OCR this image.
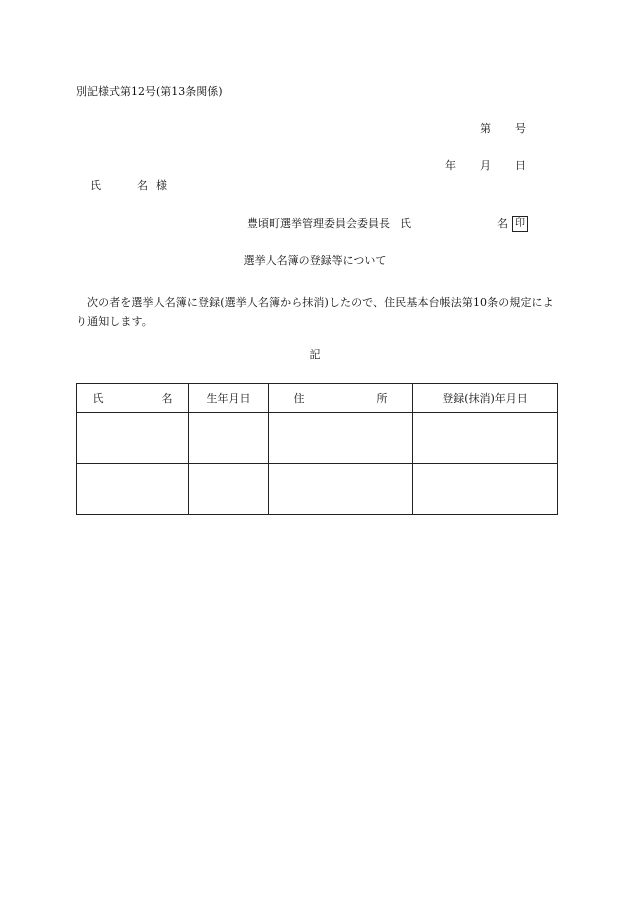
別記様式第12号(第13条関係)
第 号
年 月 日
氏	名 様
豊頃町選挙管理委員会委員長 氏	名 印
選挙人名簿の登録等について
次の者を選挙人名簿に登録(選挙人名簿から抹消)したので、住民基本台帳法第10条の規定により通知します。
記
氏 名	生年月日	住 所	登録(抹消)年月日
